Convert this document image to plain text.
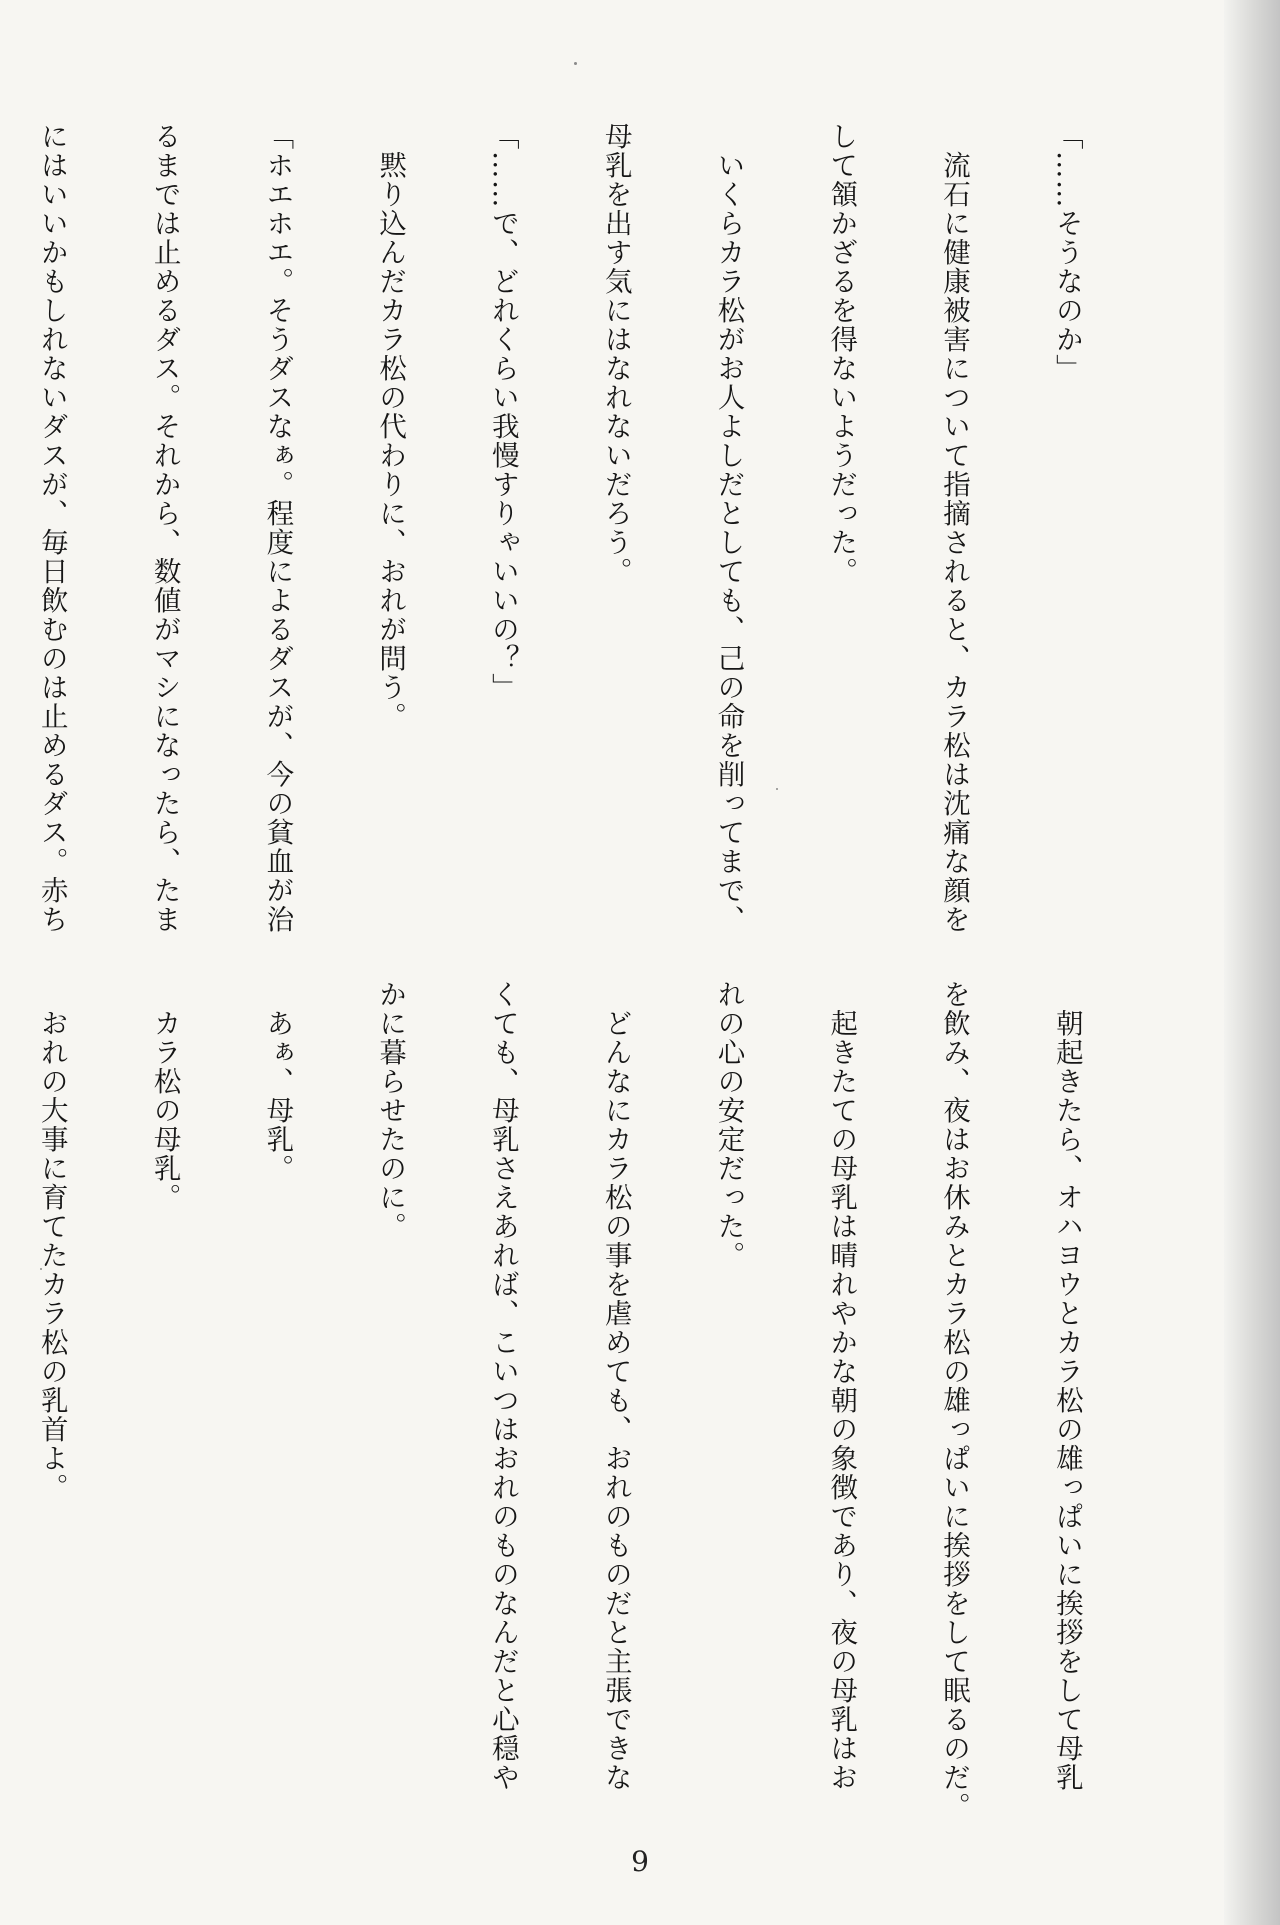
「……そうなのか」

　流石に健康被害について指摘されると、カラ松は沈痛な顔を

して頷かざるを得ないようだった。

　いくらカラ松がお人よしだとしても、己の命を削ってまで、

母乳を出す気にはなれないだろう。

「……で、どれくらい我慢すりゃいいの？」

　黙り込んだカラ松の代わりに、おれが問う。

「ホエホエ。そうダスなぁ。程度によるダスが、今の貧血が治

るまでは止めるダス。それから、数値がマシになったら、たま

にはいいかもしれないダスが、毎日飲むのは止めるダス。赤ち

　朝起きたら、オハヨウとカラ松の雄っぱいに挨拶をして母乳

を飲み、夜はお休みとカラ松の雄っぱいに挨拶をして眠るのだ。

　起きたての母乳は晴れやかな朝の象徴であり、夜の母乳はお

れの心の安定だった。

　どんなにカラ松の事を虐めても、おれのものだと主張できな

くても、母乳さえあれば、こいつはおれのものなんだと心穏や

かに暮らせたのに。

　あぁ、母乳。

　カラ松の母乳。

　おれの大事に育てたカラ松の乳首よ。

9
